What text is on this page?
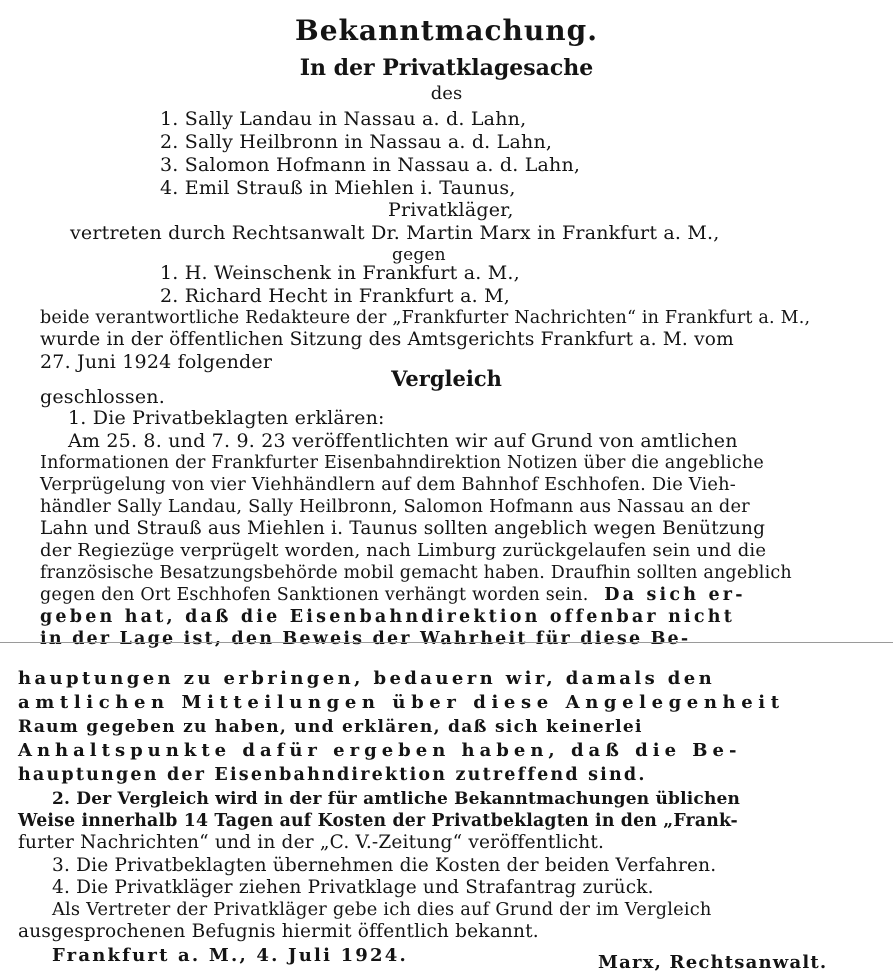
Bekanntmachung.
In der Privatklagesache
des
1. Sally Landau in Nassau a. d. Lahn,
2. Sally Heilbronn in Nassau a. d. Lahn,
3. Salomon Hofmann in Nassau a. d. Lahn,
4. Emil Strauß in Miehlen i. Taunus,
Privatkläger,
vertreten durch Rechtsanwalt Dr. Martin Marx in Frankfurt a. M.,
gegen
1. H. Weinschenk in Frankfurt a. M.,
2. Richard Hecht in Frankfurt a. M,
beide verantwortliche Redakteure der „Frankfurter Nachrichten“ in Frankfurt a. M.,
wurde in der öffentlichen Sitzung des Amtsgerichts Frankfurt a. M. vom
27. Juni 1924 folgender
Vergleich
geschlossen.
1. Die Privatbeklagten erklären:
Am 25. 8. und 7. 9. 23 veröffentlichten wir auf Grund von amtlichen
Informationen der Frankfurter Eisenbahndirektion Notizen über die angebliche
Verprügelung von vier Viehhändlern auf dem Bahnhof Eschhofen. Die Vieh-
händler Sally Landau, Sally Heilbronn, Salomon Hofmann aus Nassau an der
Lahn und Strauß aus Miehlen i. Taunus sollten angeblich wegen Benützung
der Regiezüge verprügelt worden, nach Limburg zurückgelaufen sein und die
französische Besatzungsbehörde mobil gemacht haben. Draufhin sollten angeblich
gegen den Ort Eschhofen Sanktionen verhängt worden sein. Da sich er-
geben hat, daß die Eisenbahndirektion offenbar nicht
in der Lage ist, den Beweis der Wahrheit für diese Be-
hauptungen zu erbringen, bedauern wir, damals den
amtlichen Mitteilungen über diese Angelegenheit
Raum gegeben zu haben, und erklären, daß sich keinerlei
Anhaltspunkte dafür ergeben haben, daß die Be-
hauptungen der Eisenbahndirektion zutreffend sind.
2. Der Vergleich wird in der für amtliche Bekanntmachungen üblichen
Weise innerhalb 14 Tagen auf Kosten der Privatbeklagten in den „Frank-
furter Nachrichten“ und in der „C. V.-Zeitung“ veröffentlicht.
3. Die Privatbeklagten übernehmen die Kosten der beiden Verfahren.
4. Die Privatkläger ziehen Privatklage und Strafantrag zurück.
Als Vertreter der Privatkläger gebe ich dies auf Grund der im Vergleich
ausgesprochenen Befugnis hiermit öffentlich bekannt.
Frankfurt a. M., 4. Juli 1924.	Marx, Rechtsanwalt.
